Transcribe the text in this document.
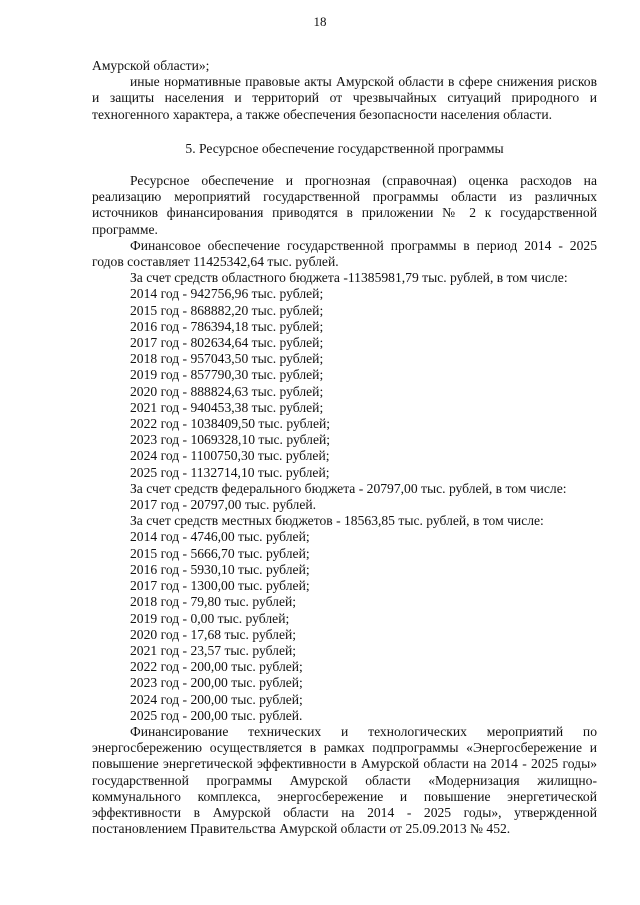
18

Амурской области»;

иные нормативные правовые акты Амурской области в сфере снижения рисков и защиты населения и территорий от чрезвычайных ситуаций природного и техногенного характера, а также обеспечения безопасности населения области.

5. Ресурсное обеспечение государственной программы

Ресурсное обеспечение и прогнозная (справочная) оценка расходов на реализацию мероприятий государственной программы области из различных источников финансирования приводятся в приложении № 2 к государственной программе.

Финансовое обеспечение государственной программы в период 2014 - 2025 годов составляет 11425342,64 тыс. рублей.

За счет средств областного бюджета -11385981,79 тыс. рублей, в том числе:

2014 год - 942756,96 тыс. рублей;

2015 год - 868882,20 тыс. рублей;

2016 год - 786394,18 тыс. рублей;

2017 год - 802634,64 тыс. рублей;

2018 год - 957043,50 тыс. рублей;

2019 год - 857790,30 тыс. рублей;

2020 год - 888824,63 тыс. рублей;

2021 год - 940453,38 тыс. рублей;

2022 год - 1038409,50 тыс. рублей;

2023 год - 1069328,10 тыс. рублей;

2024 год - 1100750,30 тыс. рублей;

2025 год - 1132714,10 тыс. рублей;

За счет средств федерального бюджета - 20797,00 тыс. рублей, в том числе:

2017 год - 20797,00 тыс. рублей.

За счет средств местных бюджетов - 18563,85 тыс. рублей, в том числе:

2014 год - 4746,00 тыс. рублей;

2015 год - 5666,70 тыс. рублей;

2016 год - 5930,10 тыс. рублей;

2017 год - 1300,00 тыс. рублей;

2018 год - 79,80 тыс. рублей;

2019 год - 0,00 тыс. рублей;

2020 год - 17,68 тыс. рублей;

2021 год - 23,57 тыс. рублей;

2022 год - 200,00 тыс. рублей;

2023 год - 200,00 тыс. рублей;

2024 год - 200,00 тыс. рублей;

2025 год - 200,00 тыс. рублей.

Финансирование технических и технологических мероприятий по энергосбережению осуществляется в рамках подпрограммы «Энергосбережение и повышение энергетической эффективности в Амурской области на 2014 - 2025 годы» государственной программы Амурской области «Модернизация жилищно-коммунального комплекса, энергосбережение и повышение энергетической эффективности в Амурской области на 2014 - 2025 годы», утвержденной постановлением Правительства Амурской области от 25.09.2013 № 452.
